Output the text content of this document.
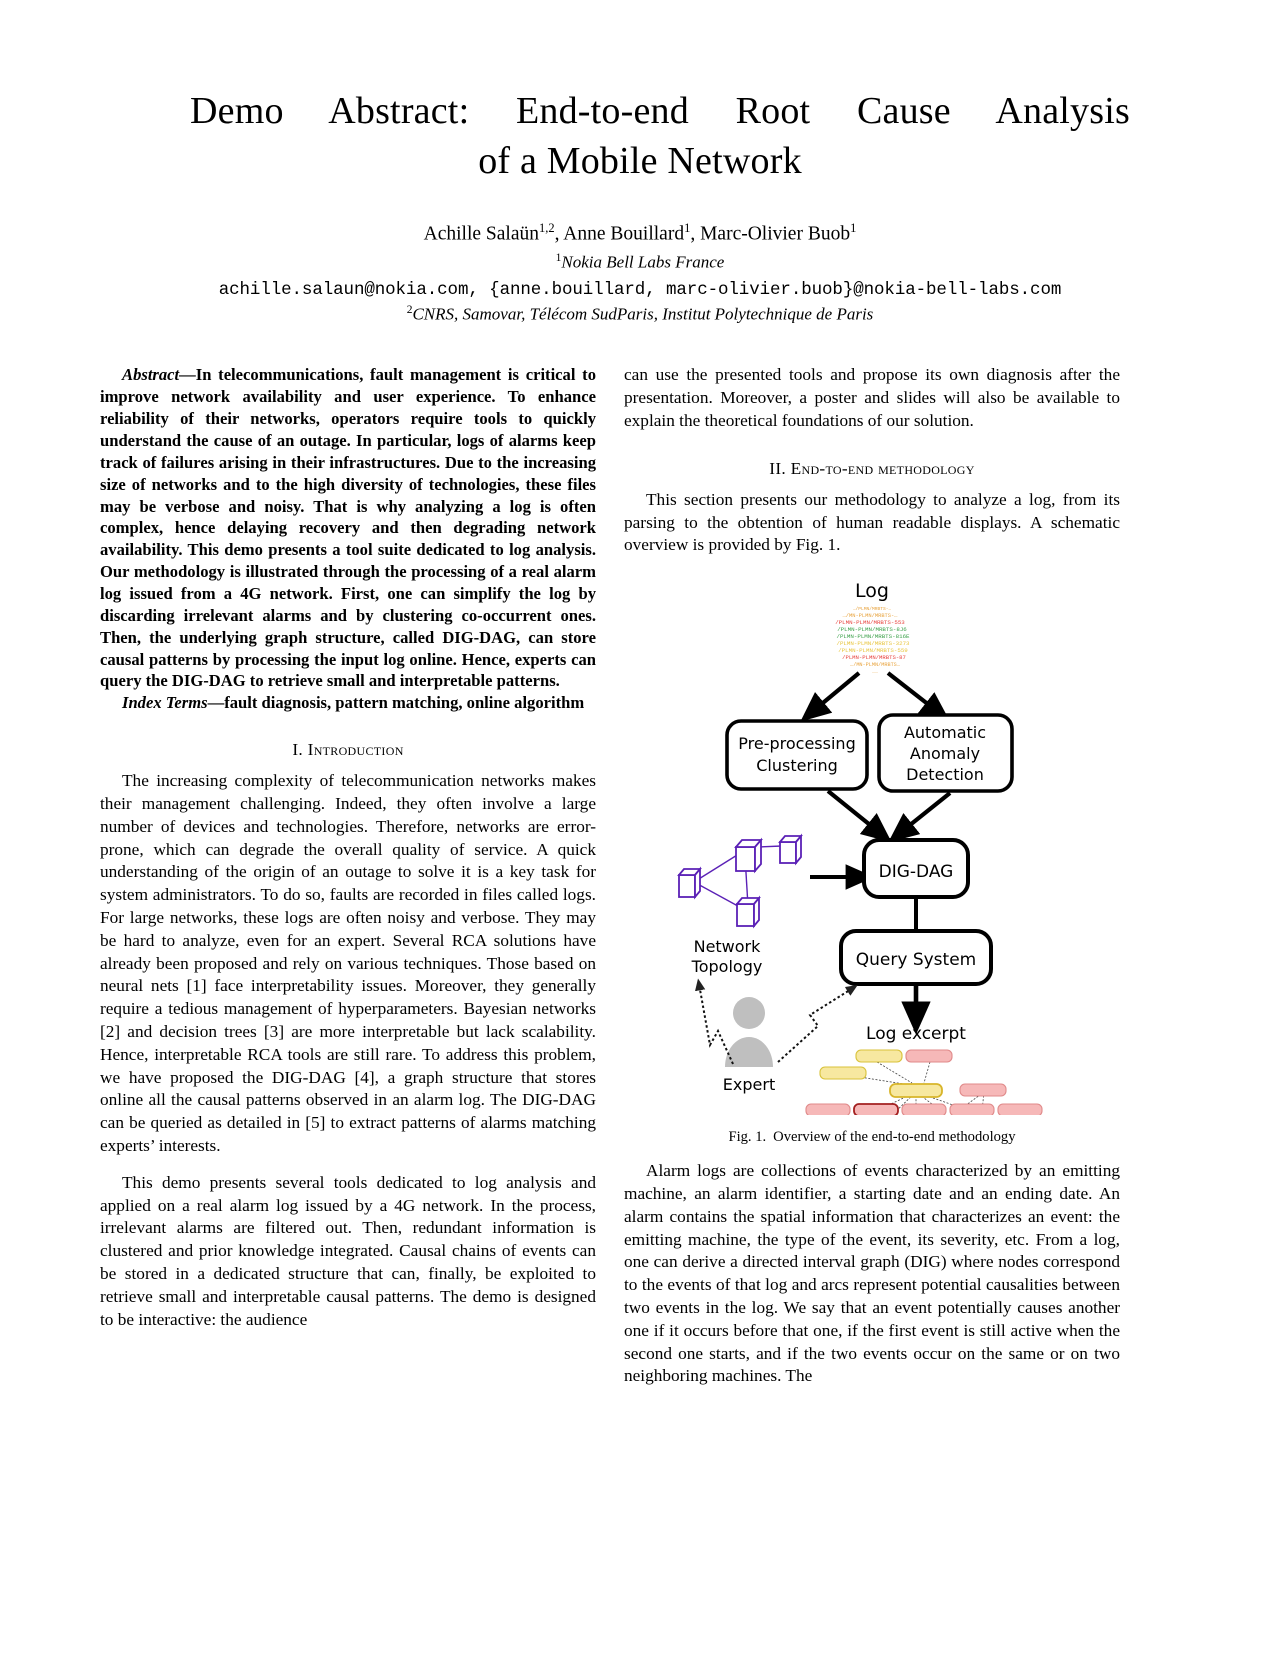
Demo Abstract: End-to-end Root Cause Analysis
of a Mobile Network
Achille Salaün$^{1,2}$, Anne Bouillard$^1$, Marc-Olivier Buob$^1$
$^1$Nokia Bell Labs France
achille.salaun@nokia.com, {anne.bouillard, marc-olivier.buob}@nokia-bell-labs.com
$^2$CNRS, Samovar, Télécom SudParis, Institut Polytechnique de Paris

Abstract—In telecommunications, fault management is critical to improve network availability and user experience. To enhance reliability of their networks, operators require tools to quickly understand the cause of an outage. In particular, logs of alarms keep track of failures arising in their infrastructures. Due to the increasing size of networks and to the high diversity of technologies, these files may be verbose and noisy. That is why analyzing a log is often complex, hence delaying recovery and then degrading network availability. This demo presents a tool suite dedicated to log analysis. Our methodology is illustrated through the processing of a real alarm log issued from a 4G network. First, one can simplify the log by discarding irrelevant alarms and by clustering co-occurrent ones. Then, the underlying graph structure, called DIG-DAG, can store causal patterns by processing the input log online. Hence, experts can query the DIG-DAG to retrieve small and interpretable patterns.

Index Terms—fault diagnosis, pattern matching, online algorithm

I. Introduction

The increasing complexity of telecommunication networks makes their management challenging. Indeed, they often involve a large number of devices and technologies. Therefore, networks are error-prone, which can degrade the overall quality of service. A quick understanding of the origin of an outage to solve it is a key task for system administrators. To do so, faults are recorded in files called logs. For large networks, these logs are often noisy and verbose. They may be hard to analyze, even for an expert. Several RCA solutions have already been proposed and rely on various techniques. Those based on neural nets [1] face interpretability issues. Moreover, they generally require a tedious management of hyperparameters. Bayesian networks [2] and decision trees [3] are more interpretable but lack scalability. Hence, interpretable RCA tools are still rare. To address this problem, we have proposed the DIG-DAG [4], a graph structure that stores online all the causal patterns observed in an alarm log. The DIG-DAG can be queried as detailed in [5] to extract patterns of alarms matching experts’ interests.

This demo presents several tools dedicated to log analysis and applied on a real alarm log issued by a 4G network. In the process, irrelevant alarms are filtered out. Then, redundant information is clustered and prior knowledge integrated. Causal chains of events can be stored in a dedicated structure that can, finally, be exploited to retrieve small and interpretable causal patterns. The demo is designed to be interactive: the audience

can use the presented tools and propose its own diagnosis after the presentation. Moreover, a poster and slides will also be available to explain the theoretical foundations of our solution.

II. End-to-end methodology

This section presents our methodology to analyze a log, from its parsing to the obtention of human readable displays. A schematic overview is provided by Fig. 1.

Log
…/PLMN/MRBTS-…
…/MN-PLMN/MRBTS-…
/PLMN-PLMN/MRBTS-553
/PLMN-PLMN/MRBTS-8J6
/PLMN-PLMN/MRBTS-816E
/PLMN-PLMN/MRBTS-3273
/PLMN-PLMN/MRBTS-559
/PLMN-PLMN/MRBTS-87
…/MN-PLMN/MRBTS…
……
Pre-processing
Clustering
Automatic
Anomaly
Detection
Network
Topology
DIG-DAG
Query System
Expert
Log excerpt
Fig. 1. Overview of the end-to-end methodology

Alarm logs are collections of events characterized by an emitting machine, an alarm identifier, a starting date and an ending date. An alarm contains the spatial information that characterizes an event: the emitting machine, the type of the event, its severity, etc. From a log, one can derive a directed interval graph (DIG) where nodes correspond to the events of that log and arcs represent potential causalities between two events in the log. We say that an event potentially causes another one if it occurs before that one, if the first event is still active when the second one starts, and if the two events occur on the same or on two neighboring machines. The
